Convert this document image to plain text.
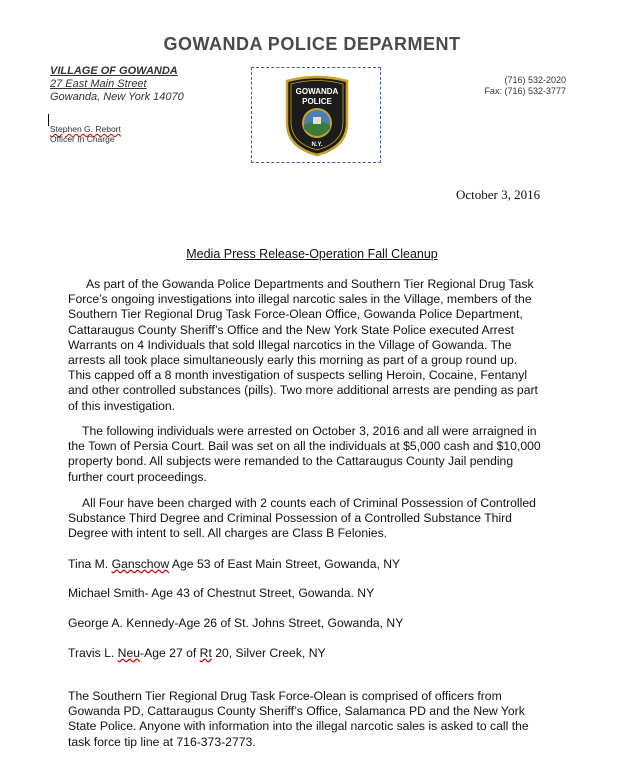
GOWANDA POLICE DEPARMENT
VILLAGE OF GOWANDA
27 East Main Street
Gowanda, New York 14070
Stephen G. Rebort
Officer In Charge
GOWANDA
POLICE
N.Y.
(716) 532-2020
Fax: (716) 532-3777
October 3, 2016
Media Press Release-Operation Fall Cleanup
As part of the Gowanda Police Departments and Southern Tier Regional Drug Task
Force’s ongoing investigations into illegal narcotic sales in the Village, members of the
Southern Tier Regional Drug Task Force-Olean Office, Gowanda Police Department,
Cattaraugus County Sheriff’s Office and the New York State Police executed Arrest
Warrants on 4 Individuals that sold Illegal narcotics in the Village of Gowanda. The
arrests all took place simultaneously early this morning as part of a group round up.
This capped off a 8 month investigation of suspects selling Heroin, Cocaine, Fentanyl
and other controlled substances (pills). Two more additional arrests are pending as part
of this investigation.
The following individuals were arrested on October 3, 2016 and all were arraigned in
the Town of Persia Court. Bail was set on all the individuals at $5,000 cash and $10,000
property bond. All subjects were remanded to the Cattaraugus County Jail pending
further court proceedings.
All Four have been charged with 2 counts each of Criminal Possession of Controlled
Substance Third Degree and Criminal Possession of a Controlled Substance Third
Degree with intent to sell. All charges are Class B Felonies.
Tina M. Ganschow Age 53 of East Main Street, Gowanda, NY
Michael Smith- Age 43 of Chestnut Street, Gowanda. NY
George A. Kennedy-Age 26 of St. Johns Street, Gowanda, NY
Travis L. Neu-Age 27 of Rt 20, Silver Creek, NY
The Southern Tier Regional Drug Task Force-Olean is comprised of officers from
Gowanda PD, Cattaraugus County Sheriff’s Office, Salamanca PD and the New York
State Police. Anyone with information into the illegal narcotic sales is asked to call the
task force tip line at 716-373-2773.
